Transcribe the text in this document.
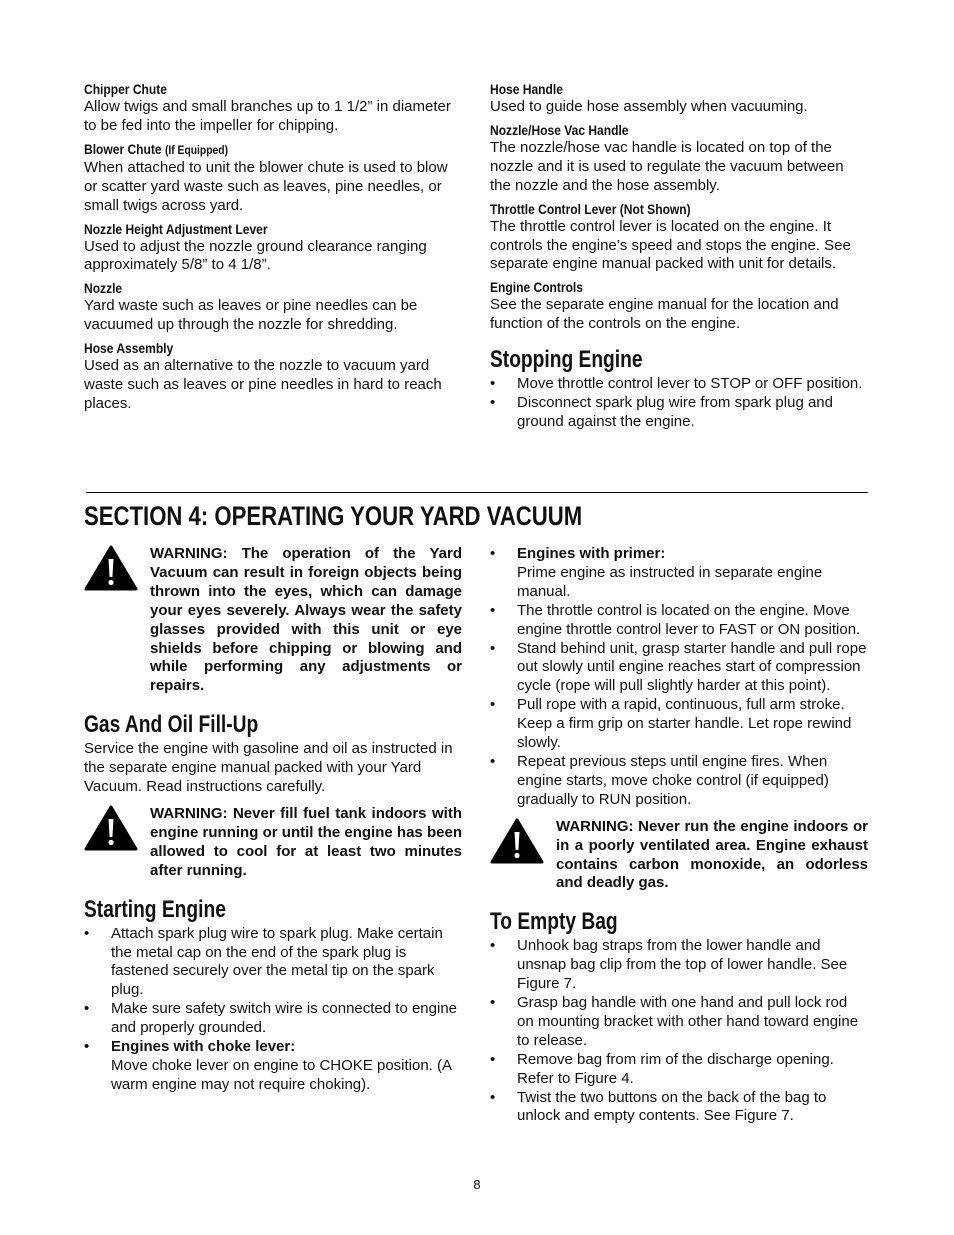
Chipper Chute

Allow twigs and small branches up to 1 1/2” in diameter to be fed into the impeller for chipping.

Blower Chute (If Equipped)

When attached to unit the blower chute is used to blow or scatter yard waste such as leaves, pine needles, or small twigs across yard.

Nozzle Height Adjustment Lever

Used to adjust the nozzle ground clearance ranging approximately 5/8” to 4 1/8”.

Nozzle

Yard waste such as leaves or pine needles can be vacuumed up through the nozzle for shredding.

Hose Assembly

Used as an alternative to the nozzle to vacuum yard waste such as leaves or pine needles in hard to reach places.

Hose Handle

Used to guide hose assembly when vacuuming.

Nozzle/Hose Vac Handle

The nozzle/hose vac handle is located on top of the nozzle and it is used to regulate the vacuum between the nozzle and the hose assembly.

Throttle Control Lever (Not Shown)

The throttle control lever is located on the engine. It controls the engine’s speed and stops the engine. See separate engine manual packed with unit for details.

Engine Controls

See the separate engine manual for the location and function of the controls on the engine.

Stopping Engine
• Move throttle control lever to STOP or OFF position.
• Disconnect spark plug wire from spark plug and ground against the engine.
SECTION 4: OPERATING YOUR YARD VACUUM
WARNING: The operation of the Yard Vacuum can result in foreign objects being thrown into the eyes, which can damage your eyes severely. Always wear the safety glasses provided with this unit or eye shields before chipping or blowing and while performing any adjustments or repairs.
Gas And Oil Fill-Up

Service the engine with gasoline and oil as instructed in the separate engine manual packed with your Yard Vacuum. Read instructions carefully.

WARNING: Never fill fuel tank indoors with engine running or until the engine has been allowed to cool for at least two minutes after running.
Starting Engine

• Attach spark plug wire to spark plug. Make certain the metal cap on the end of the spark plug is fastened securely over the metal tip on the spark plug.

• Make sure safety switch wire is connected to engine and properly grounded.

• Engines with choke lever:

Move choke lever on engine to CHOKE position. (A warm engine may not require choking).

• Engines with primer:

Prime engine as instructed in separate engine manual.

• The throttle control is located on the engine. Move engine throttle control lever to FAST or ON position.

• Stand behind unit, grasp starter handle and pull rope out slowly until engine reaches start of compression cycle (rope will pull slightly harder at this point).

• Pull rope with a rapid, continuous, full arm stroke. Keep a firm grip on starter handle. Let rope rewind slowly.

• Repeat previous steps until engine fires. When engine starts, move choke control (if equipped) gradually to RUN position.

WARNING: Never run the engine indoors or in a poorly ventilated area. Engine exhaust contains carbon monoxide, an odorless and deadly gas.
To Empty Bag
• Unhook bag straps from the lower handle and unsnap bag clip from the top of lower handle. See Figure 7.
• Grasp bag handle with one hand and pull lock rod on mounting bracket with other hand toward engine to release.
• Remove bag from rim of the discharge opening. Refer to Figure 4.
• Twist the two buttons on the back of the bag to unlock and empty contents. See Figure 7.
8
